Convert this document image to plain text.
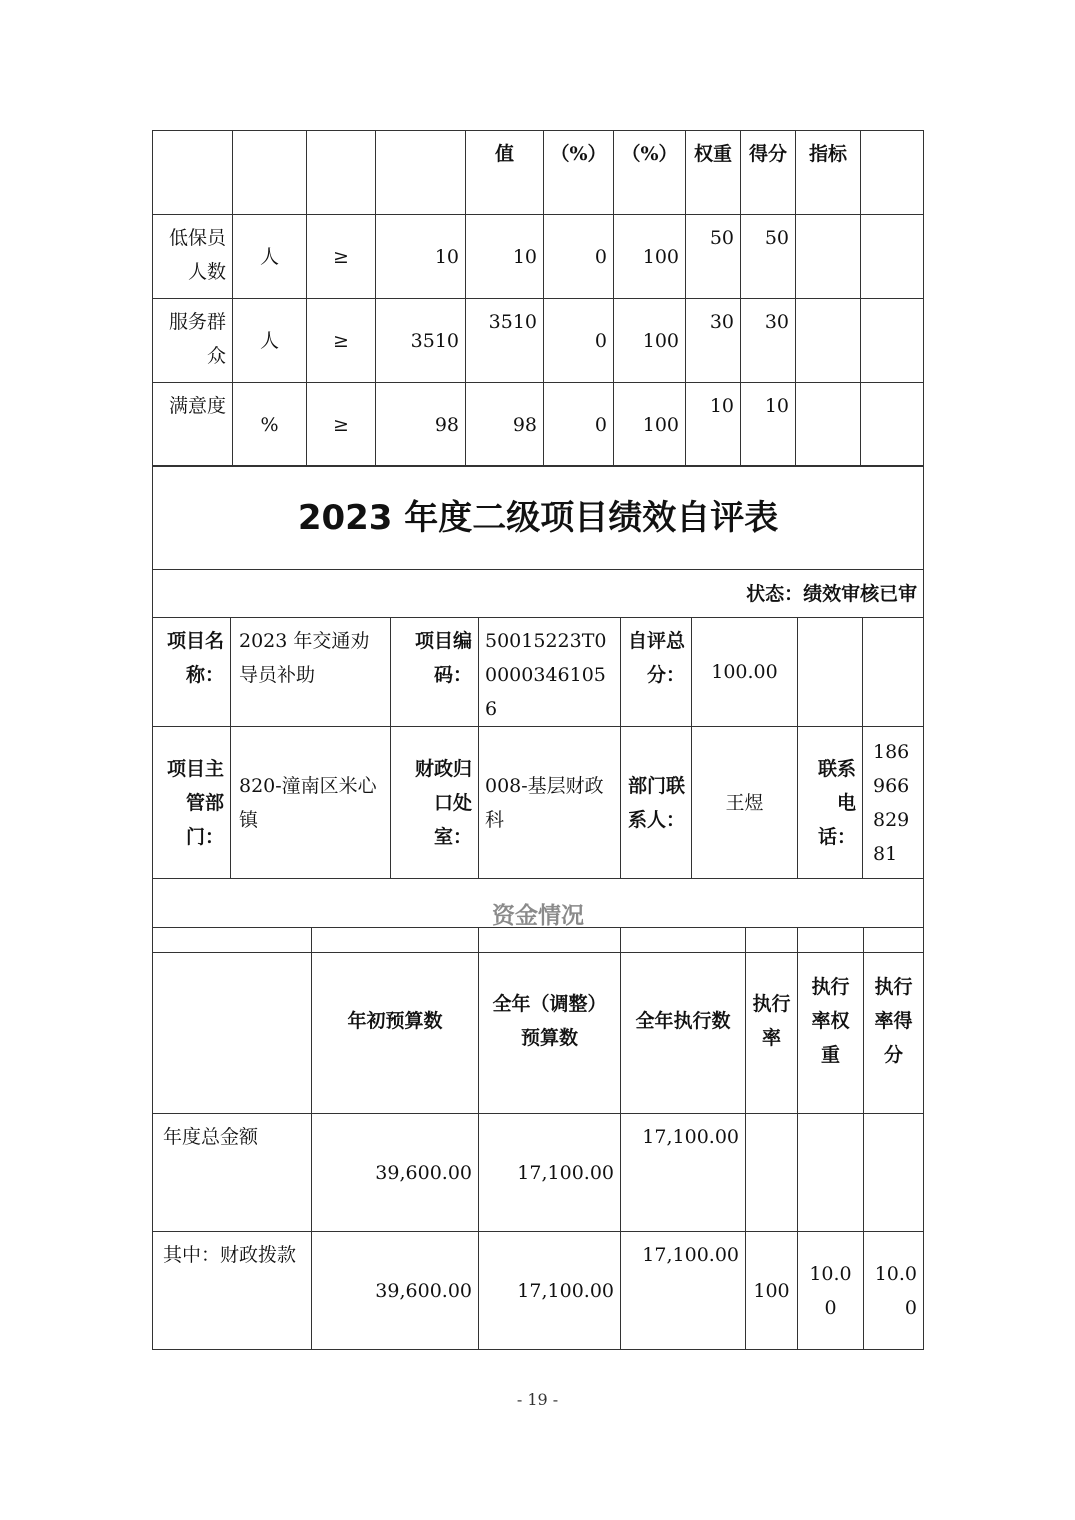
				值	（%）	（%）	权重	得分	指标	
低保员人数	人	≥	10	10	0	100	50	50		
服务群众	人	≥	3510	3510	0	100	30	30		
满意度	%	≥	98	98	0	100	10	10		
2023 年度二级项目绩效自评表							
状态：绩效审核已审							
项目名称：	2023 年交通劝导员补助	项目编码：	50015223T000003461056	自评总分：	100.00		
项目主管部门：	820-潼南区米心镇	财政归口处室：	008-基层财政科	部门联系人：	王煜	联系电话：	18696682981
资金情况							
	年初预算数	全年（调整）预算数	全年执行数	执行率	执行率权重	执行率得分
年度总金额	39,600.00	17,100.00	17,100.00			
其中：财政拨款	39,600.00	17,100.00	17,100.00	100	10.00	10.00
- 19 -
